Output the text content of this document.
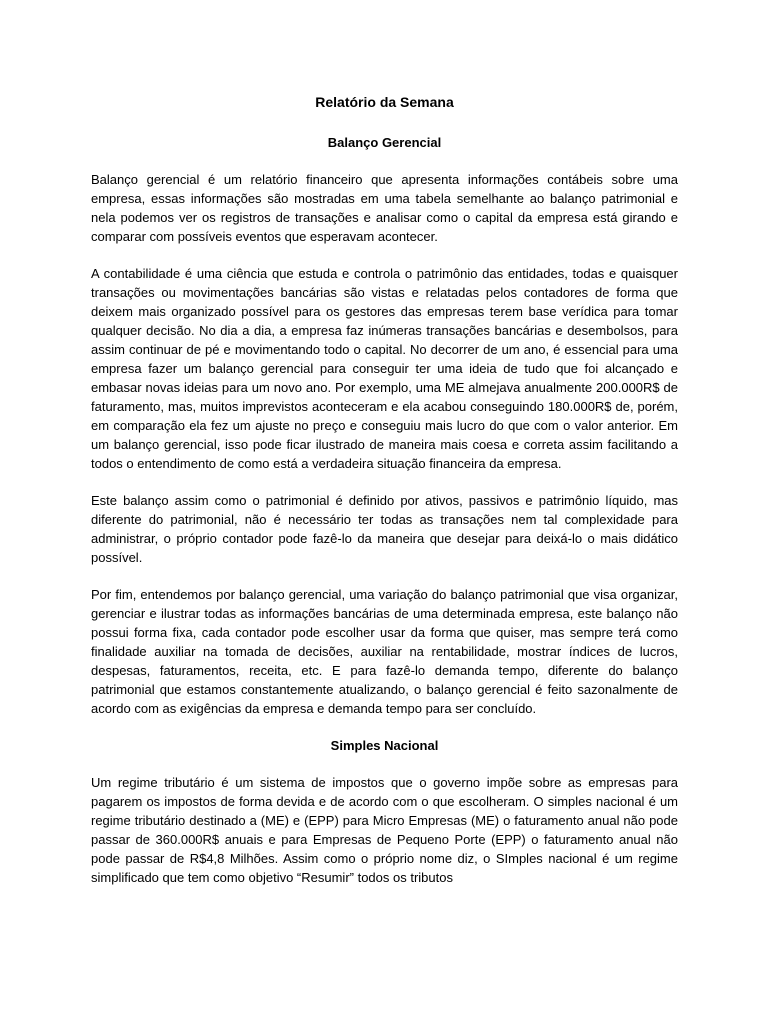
Relatório da Semana
Balanço Gerencial

Balanço gerencial é um relatório financeiro que apresenta informações contábeis sobre uma empresa, essas informações são mostradas em uma tabela semelhante ao balanço patrimonial e nela podemos ver os registros de transações e analisar como o capital da empresa está girando e comparar com possíveis eventos que esperavam acontecer.

A contabilidade é uma ciência que estuda e controla o patrimônio das entidades, todas e quaisquer transações ou movimentações bancárias são vistas e relatadas pelos contadores de forma que deixem mais organizado possível para os gestores das empresas terem base verídica para tomar qualquer decisão. No dia a dia, a empresa faz inúmeras transações bancárias e desembolsos, para assim continuar de pé e movimentando todo o capital. No decorrer de um ano, é essencial para uma empresa fazer um balanço gerencial para conseguir ter uma ideia de tudo que foi alcançado e embasar novas ideias para um novo ano. Por exemplo, uma ME almejava anualmente 200.000R$ de faturamento, mas, muitos imprevistos aconteceram e ela acabou conseguindo 180.000R$ de, porém, em comparação ela fez um ajuste no preço e conseguiu mais lucro do que com o valor anterior. Em um balanço gerencial, isso pode ficar ilustrado de maneira mais coesa e correta assim facilitando a todos o entendimento de como está a verdadeira situação financeira da empresa.

Este balanço assim como o patrimonial é definido por ativos, passivos e patrimônio líquido, mas diferente do patrimonial, não é necessário ter todas as transações nem tal complexidade para administrar, o próprio contador pode fazê-lo da maneira que desejar para deixá-lo o mais didático possível.

Por fim, entendemos por balanço gerencial, uma variação do balanço patrimonial que visa organizar, gerenciar e ilustrar todas as informações bancárias de uma determinada empresa, este balanço não possui forma fixa, cada contador pode escolher usar da forma que quiser, mas sempre terá como finalidade auxiliar na tomada de decisões, auxiliar na rentabilidade, mostrar índices de lucros, despesas, faturamentos, receita, etc. E para fazê-lo demanda tempo, diferente do balanço patrimonial que estamos constantemente atualizando, o balanço gerencial é feito sazonalmente de acordo com as exigências da empresa e demanda tempo para ser concluído.

Simples Nacional

Um regime tributário é um sistema de impostos que o governo impõe sobre as empresas para pagarem os impostos de forma devida e de acordo com o que escolheram. O simples nacional é um regime tributário destinado a (ME) e (EPP) para Micro Empresas (ME) o faturamento anual não pode passar de 360.000R$ anuais e para Empresas de Pequeno Porte (EPP) o faturamento anual não pode passar de R$4,8 Milhões. Assim como o próprio nome diz, o SImples nacional é um regime simplificado que tem como objetivo “Resumir” todos os tributos
